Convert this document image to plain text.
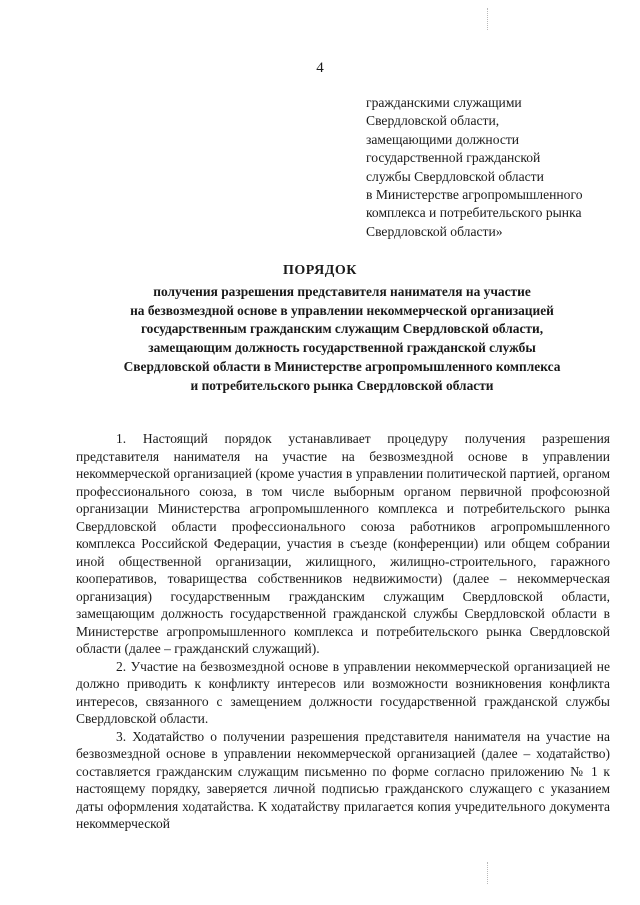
4
гражданскими служащими
Свердловской области,
замещающими должности
государственной гражданской
службы Свердловской области
в Министерстве агропромышленного
комплекса и потребительского рынка
Свердловской области»
ПОРЯДОК
получения разрешения представителя нанимателя на участие
на безвозмездной основе в управлении некоммерческой организацией
государственным гражданским служащим Свердловской области,
замещающим должность государственной гражданской службы
Свердловской области в Министерстве агропромышленного комплекса
и потребительского рынка Свердловской области

1. Настоящий порядок устанавливает процедуру получения разрешения представителя нанимателя на участие на безвозмездной основе в управлении некоммерческой организацией (кроме участия в управлении политической партией, органом профессионального союза, в том числе выборным органом первичной профсоюзной организации Министерства агропромышленного комплекса и потребительского рынка Свердловской области профессионального союза работников агропромышленного комплекса Российской Федерации, участия в съезде (конференции) или общем собрании иной общественной организации, жилищного, жилищно-строительного, гаражного кооперативов, товарищества собственников недвижимости) (далее – некоммерческая организация) государственным гражданским служащим Свердловской области, замещающим должность государственной гражданской службы Свердловской области в Министерстве агропромышленного комплекса и потребительского рынка Свердловской области (далее – гражданский служащий).

2. Участие на безвозмездной основе в управлении некоммерческой организацией не должно приводить к конфликту интересов или возможности возникновения конфликта интересов, связанного с замещением должности государственной гражданской службы Свердловской области.

3. Ходатайство о получении разрешения представителя нанимателя на участие на безвозмездной основе в управлении некоммерческой организацией (далее – ходатайство) составляется гражданским служащим письменно по форме согласно приложению № 1 к настоящему порядку, заверяется личной подписью гражданского служащего с указанием даты оформления ходатайства. К ходатайству прилагается копия учредительного документа некоммерческой
